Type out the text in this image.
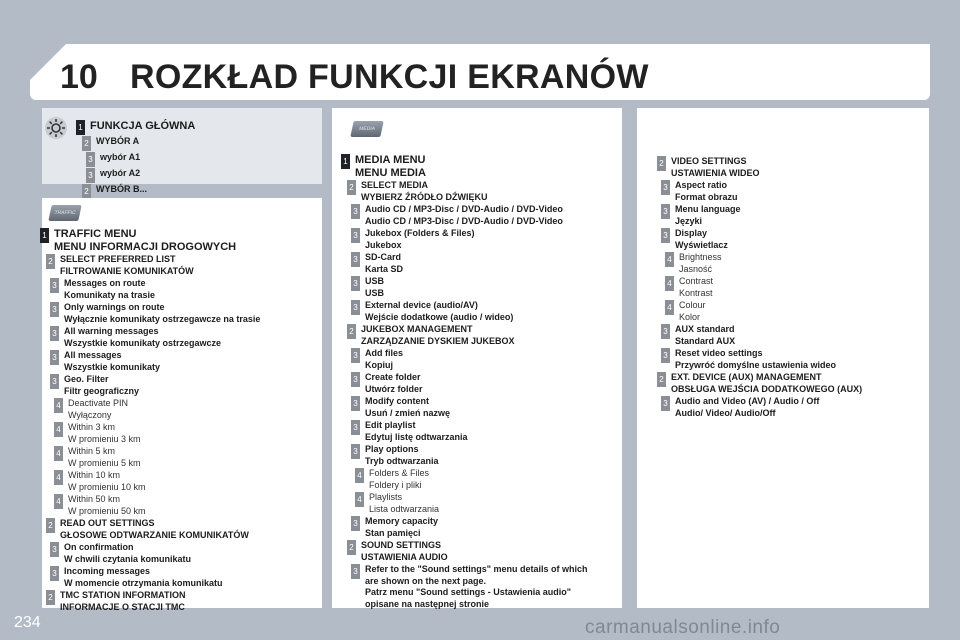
10 ROZKŁAD FUNKCJI EKRANÓW
1 FUNKCJA GŁÓWNA
2 WYBÓR A
3 wybór A1
3 wybór A2
2 WYBÓR B...
TRAFFIC
1 TRAFFIC MENU
MENU INFORMACJI DROGOWYCH
2 SELECT PREFERRED LIST
FILTROWANIE KOMUNIKATÓW
3 Messages on route
Komunikaty na trasie
3 Only warnings on route
Wyłącznie komunikaty ostrzegawcze na trasie
3 All warning messages
Wszystkie komunikaty ostrzegawcze
3 All messages
Wszystkie komunikaty
3 Geo. Filter
Filtr geograficzny
4 Deactivate PIN
Wyłączony
4 Within 3 km
W promieniu 3 km
4 Within 5 km
W promieniu 5 km
4 Within 10 km
W promieniu 10 km
4 Within 50 km
W promieniu 50 km
2 READ OUT SETTINGS
GŁOSOWE ODTWARZANIE KOMUNIKATÓW
3 On confirmation
W chwili czytania komunikatu
3 Incoming messages
W momencie otrzymania komunikatu
2 TMC STATION INFORMATION
INFORMACJE O STACJI TMC
MEDIA
1 MEDIA MENU
MENU MEDIA
2 SELECT MEDIA
WYBIERZ ŹRÓDŁO DŹWIĘKU
3 Audio CD / MP3-Disc / DVD-Audio / DVD-Video
Audio CD / MP3-Disc / DVD-Audio / DVD-Video
3 Jukebox (Folders & Files)
Jukebox
3 SD-Card
Karta SD
3 USB
USB
3 External device (audio/AV)
Wejście dodatkowe (audio / wideo)
2 JUKEBOX MANAGEMENT
ZARZĄDZANIE DYSKIEM JUKEBOX
3 Add files
Kopiuj
3 Create folder
Utwórz folder
3 Modify content
Usuń / zmień nazwę
3 Edit playlist
Edytuj listę odtwarzania
3 Play options
Tryb odtwarzania
4 Folders & Files
Foldery i pliki
4 Playlists
Lista odtwarzania
3 Memory capacity
Stan pamięci
2 SOUND SETTINGS
USTAWIENIA AUDIO
3 Refer to the "Sound settings" menu details of which
are shown on the next page.
Patrz menu "Sound settings - Ustawienia audio"
opisane na następnej stronie
2 VIDEO SETTINGS
USTAWIENIA WIDEO
3 Aspect ratio
Format obrazu
3 Menu language
Języki
3 Display
Wyświetlacz
4 Brightness
Jasność
4 Contrast
Kontrast
4 Colour
Kolor
3 AUX standard
Standard AUX
3 Reset video settings
Przywróć domyślne ustawienia wideo
2 EXT. DEVICE (AUX) MANAGEMENT
OBSŁUGA WEJŚCIA DODATKOWEGO (AUX)
3 Audio and Video (AV) / Audio / Off
Audio/ Video/ Audio/Off
234	carmanualsonline.info
